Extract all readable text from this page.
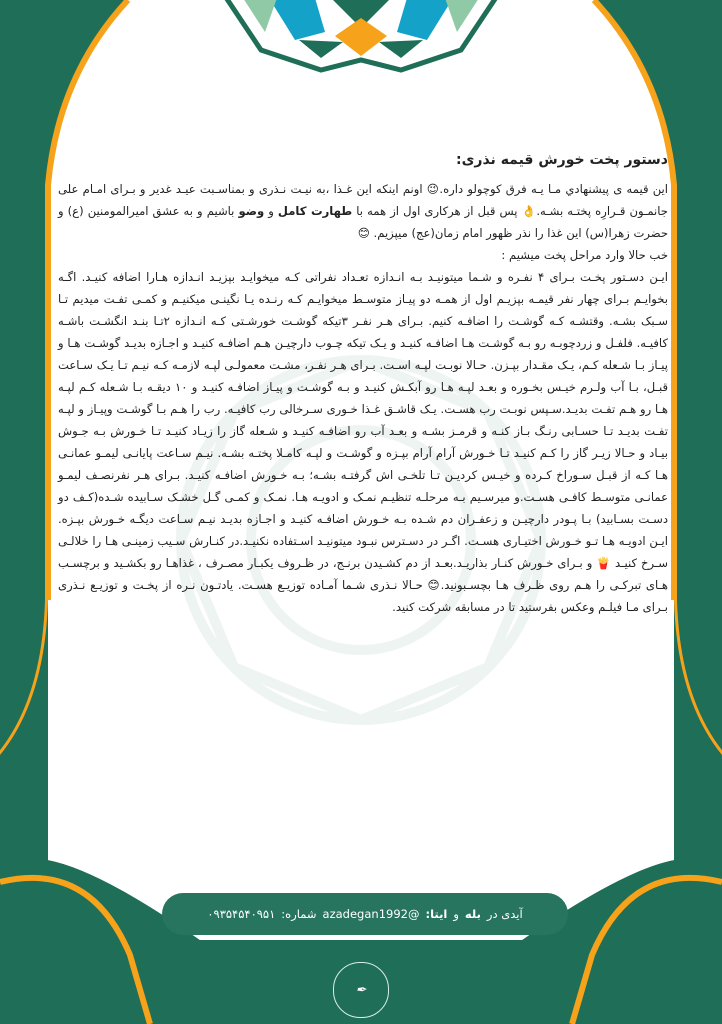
دستور پخت خورش قیمه نذری:

این قیمه ی پیشنهادي مـا یـه فرق کوچولو داره.😉 اونم اینکه این غـذا ،به نیـت نـذری و بمناسـبت عیـد غدیر و بـرای امـام علی جانمـون قـرارِه پختـه بشـه.👌 پس قبل از هرکاری اول از همه با طهارت کامل و وضو باشیم و به عشق امیرالمومنین (ع) و حضرت زهرا(س) این غذا را نذر ظهور امام زمان(عج) میپزیم. 😊

خب حالا وارد مراحل پخت میشیم :

ایـن دسـتور پخـت بـرای ۴ نفـره و شـما میتونیـد بـه انـدازه تعـداد نفراتی کـه میخوایـد بپزیـد انـدازه هـارا اضافه کنیـد. اگـه بخوایـم بـرای چهار نفر قیمـه بپزیـم اول از همـه دو پیـاز متوسـط میخوایـم کـه رنـده یـا نگینـی میکنیـم و کمـی تفـت میدیم تـا سـبک بشـه. وقتشـه کـه گوشـت را اضافـه کنیم. بـرای هـر نفـر ۳تیکه گوشـت خورشـتی کـه انـدازه ۲تـا بنـد انگشـت باشـه کافیـه. فلفـل و زردچوبـه رو بـه گوشـت هـا اضافـه کنیـد و یـک تیکه چـوب دارچیـن هـم اضافـه کنیـد و اجـازه بدیـد گوشـت هـا و پیـاز بـا شـعله کـم، یـک مقـدار بپـزن. حـالا نوبـت لپـه اسـت. بـرای هـر نفـر، مشـت معمولـی لپـه لازمـه کـه نیـم تـا یـک سـاعت قبـل، بـا آب ولـرم خیـس بخـوره و بعـد لپـه هـا رو آبکـش کنیـد و بـه گوشـت و پیـاز اضافـه کنیـد و ۱۰ دیقـه بـا شـعله کـم لپـه هـا رو هـم تفـت بدیـد.سـپس نوبـت رب هسـت. یـک قاشـق غـذا خـوری سـرخالی رب کافیـه. رب را هـم بـا گوشـت وپیـاز و لپـه تفـت بدیـد تـا حسـابی رنـگ بـاز کنـه و قرمـز بشـه و بعـد آب رو اضافـه کنیـد و شـعله گاز را زیـاد کنیـد تـا خـورش بـه جـوش بیـاد و حـالا زیـر گاز را کـم کنیـد تـا خـورش آرام آرام بپـزه و گوشـت و لپـه کامـلا پختـه بشـه. نیـم سـاعت پایانـی لیمـو عمانـی هـا کـه از قبـل سـوراخ کـرده و خیـس کردیـن تـا تلخـی اش گرفتـه بشـه؛ بـه خـورش اضافـه کنیـد. بـرای هـر نفرنصـف لیمـو عمانـی متوسـط کافـی هسـت.و میرسـیم بـه مرحلـه تنظیـم نمـک و ادویـه هـا. نمـک و کمـی گـل خشـک سـابیده شـده(کـف دو دسـت بسـابید) بـا پـودر دارچیـن و زعفـران دم شـده بـه خـورش اضافـه کنیـد و اجـازه بدیـد نیـم سـاعت دیگـه خـورش بپـزه. ایـن ادویـه هـا تـو خـورش اختیـاری هسـت. اگـر در دسـترس نبـود میتونیـد اسـتفاده نکنیـد.در کنـارش سـیب زمینـی هـا را خلالـی سـرخ کنیـد 🍟 و بـرای خـورش کنـار بذاریـد.بعـد از دم کشـیدن برنـج، در ظـروف یکبـار مصـرف ، غذاهـا رو بکشـید و برچسـب هـای تبرکـی را هـم روی ظـرف هـا بچسـبونید.😊 حـالا نـذری شـما آمـاده توزیـع هسـت. یادتـون نـره از پخـت و توزیـع نـذری بـرای مـا فیلـم وعکس بفرستید تا در مسابقه شرکت کنید.

آیدی در
بله
و
ایتا:
@azadegan1992
شماره:
۰۹۳۵۴۵۴۰۹۵۱
✒︎
